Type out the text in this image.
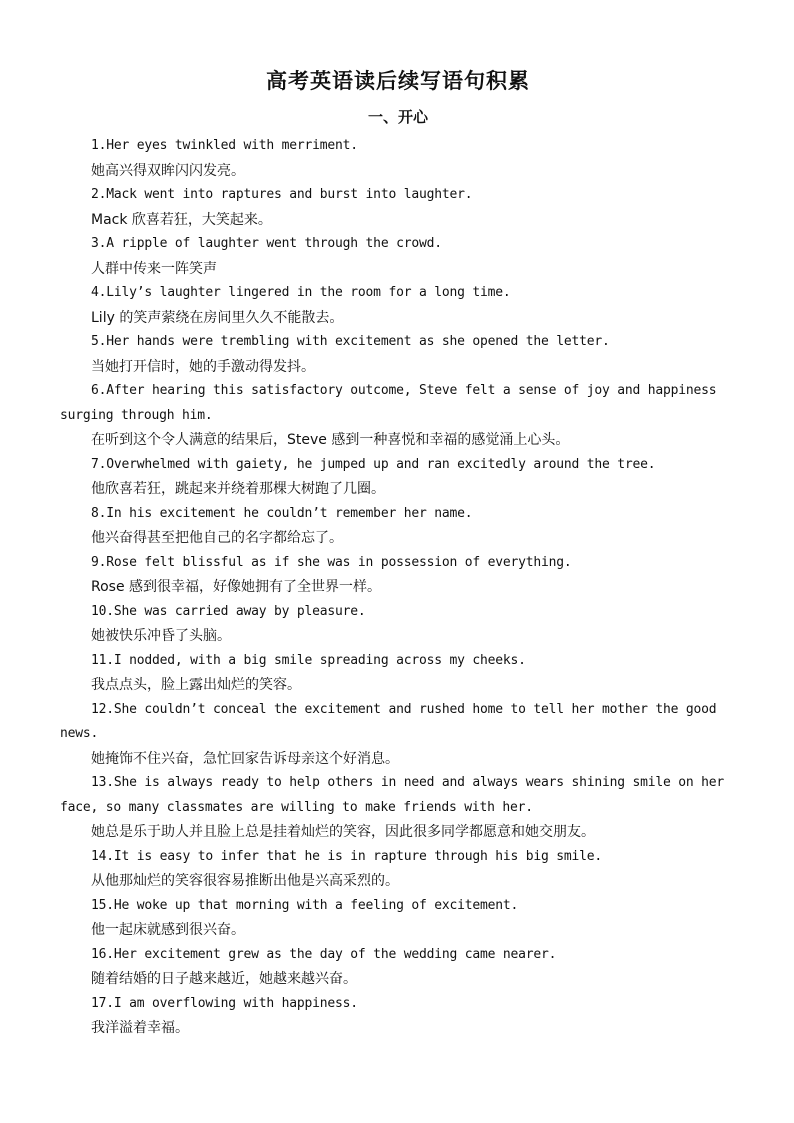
高考英语读后续写语句积累
一、开心

1.Her eyes twinkled with merriment.

她高兴得双眸闪闪发亮。

2.Mack went into raptures and burst into laughter.

Mack 欣喜若狂，大笑起来。

3.A ripple of laughter went through the crowd.

人群中传来一阵笑声

4.Lily’s laughter lingered in the room for a long time.

Lily 的笑声萦绕在房间里久久不能散去。

5.Her hands were trembling with excitement as she opened the letter.

当她打开信时，她的手激动得发抖。

6.After hearing this satisfactory outcome, Steve felt a sense of joy and happiness surging through him.

在听到这个令人满意的结果后，Steve 感到一种喜悦和幸福的感觉涌上心头。

7.Overwhelmed with gaiety, he jumped up and ran excitedly around the tree.

他欣喜若狂，跳起来并绕着那棵大树跑了几圈。

8.In his excitement he couldn’t remember her name.

他兴奋得甚至把他自己的名字都给忘了。

9.Rose felt blissful as if she was in possession of everything.

Rose 感到很幸福，好像她拥有了全世界一样。

10.She was carried away by pleasure.

她被快乐冲昏了头脑。

11.I nodded, with a big smile spreading across my cheeks.

我点点头，脸上露出灿烂的笑容。

12.She couldn’t conceal the excitement and rushed home to tell her mother the good news.

她掩饰不住兴奋，急忙回家告诉母亲这个好消息。

13.She is always ready to help others in need and always wears shining smile on her face, so many classmates are willing to make friends with her.

她总是乐于助人并且脸上总是挂着灿烂的笑容，因此很多同学都愿意和她交朋友。

14.It is easy to infer that he is in rapture through his big smile.

从他那灿烂的笑容很容易推断出他是兴高采烈的。

15.He woke up that morning with a feeling of excitement.

他一起床就感到很兴奋。

16.Her excitement grew as the day of the wedding came nearer.

随着结婚的日子越来越近，她越来越兴奋。

17.I am overflowing with happiness.

我洋溢着幸福。
